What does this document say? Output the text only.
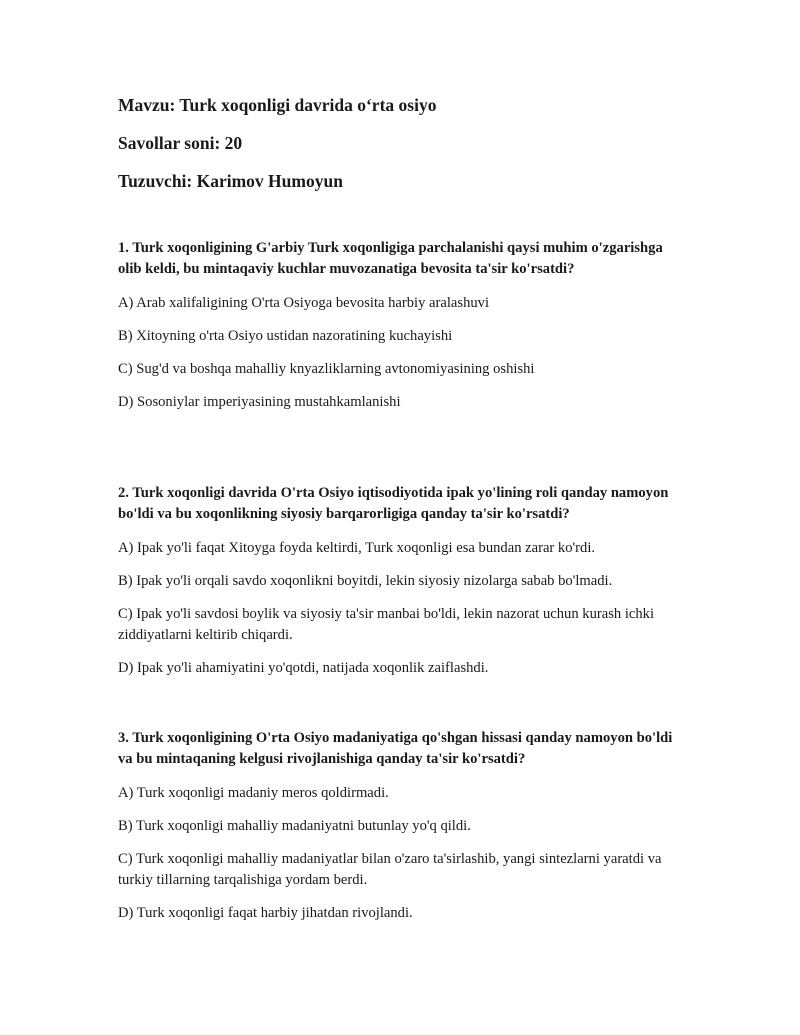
Mavzu: Turk xoqonligi davrida o‘rta osiyo

Savollar soni: 20

Tuzuvchi: Karimov Humoyun

1. Turk xoqonligining G'arbiy Turk xoqonligiga parchalanishi qaysi muhim o'zgarishga olib keldi, bu mintaqaviy kuchlar muvozanatiga bevosita ta'sir ko'rsatdi?

A) Arab xalifaligining O'rta Osiyoga bevosita harbiy aralashuvi

B) Xitoyning o'rta Osiyo ustidan nazoratining kuchayishi

C) Sug'd va boshqa mahalliy knyazliklarning avtonomiyasining oshishi

D) Sosoniylar imperiyasining mustahkamlanishi

2. Turk xoqonligi davrida O'rta Osiyo iqtisodiyotida ipak yo'lining roli qanday namoyon bo'ldi va bu xoqonlikning siyosiy barqarorligiga qanday ta'sir ko'rsatdi?

A) Ipak yo'li faqat Xitoyga foyda keltirdi, Turk xoqonligi esa bundan zarar ko'rdi.

B) Ipak yo'li orqali savdo xoqonlikni boyitdi, lekin siyosiy nizolarga sabab bo'lmadi.

C) Ipak yo'li savdosi boylik va siyosiy ta'sir manbai bo'ldi, lekin nazorat uchun kurash ichki ziddiyatlarni keltirib chiqardi.

D) Ipak yo'li ahamiyatini yo'qotdi, natijada xoqonlik zaiflashdi.

3. Turk xoqonligining O'rta Osiyo madaniyatiga qo'shgan hissasi qanday namoyon bo'ldi va bu mintaqaning kelgusi rivojlanishiga qanday ta'sir ko'rsatdi?

A) Turk xoqonligi madaniy meros qoldirmadi.

B) Turk xoqonligi mahalliy madaniyatni butunlay yo'q qildi.

C) Turk xoqonligi mahalliy madaniyatlar bilan o'zaro ta'sirlashib, yangi sintezlarni yaratdi va turkiy tillarning tarqalishiga yordam berdi.

D) Turk xoqonligi faqat harbiy jihatdan rivojlandi.
